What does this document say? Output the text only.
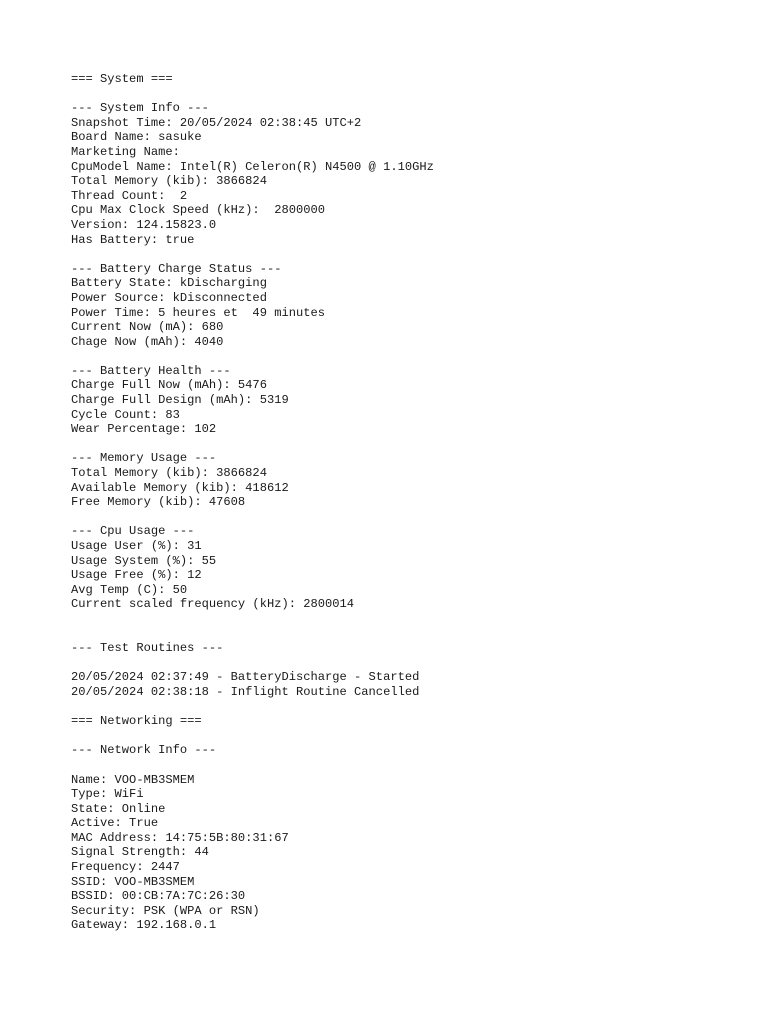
=== System ===
--- System Info ---
Snapshot Time: 20/05/2024 02:38:45 UTC+2
Board Name: sasuke
Marketing Name:
CpuModel Name: Intel(R) Celeron(R) N4500 @ 1.10GHz
Total Memory (kib): 3866824
Thread Count:  2
Cpu Max Clock Speed (kHz):  2800000
Version: 124.15823.0
Has Battery: true
--- Battery Charge Status ---
Battery State: kDischarging
Power Source: kDisconnected
Power Time: 5 heures et  49 minutes
Current Now (mA): 680
Chage Now (mAh): 4040
--- Battery Health ---
Charge Full Now (mAh): 5476
Charge Full Design (mAh): 5319
Cycle Count: 83
Wear Percentage: 102
--- Memory Usage ---
Total Memory (kib): 3866824
Available Memory (kib): 418612
Free Memory (kib): 47608
--- Cpu Usage ---
Usage User (%): 31
Usage System (%): 55
Usage Free (%): 12
Avg Temp (C): 50
Current scaled frequency (kHz): 2800014
--- Test Routines ---
20/05/2024 02:37:49 - BatteryDischarge - Started
20/05/2024 02:38:18 - Inflight Routine Cancelled
=== Networking ===
--- Network Info ---
Name: VOO-MB3SMEM
Type: WiFi
State: Online
Active: True
MAC Address: 14:75:5B:80:31:67
Signal Strength: 44
Frequency: 2447
SSID: VOO-MB3SMEM
BSSID: 00:CB:7A:7C:26:30
Security: PSK (WPA or RSN)
Gateway: 192.168.0.1
